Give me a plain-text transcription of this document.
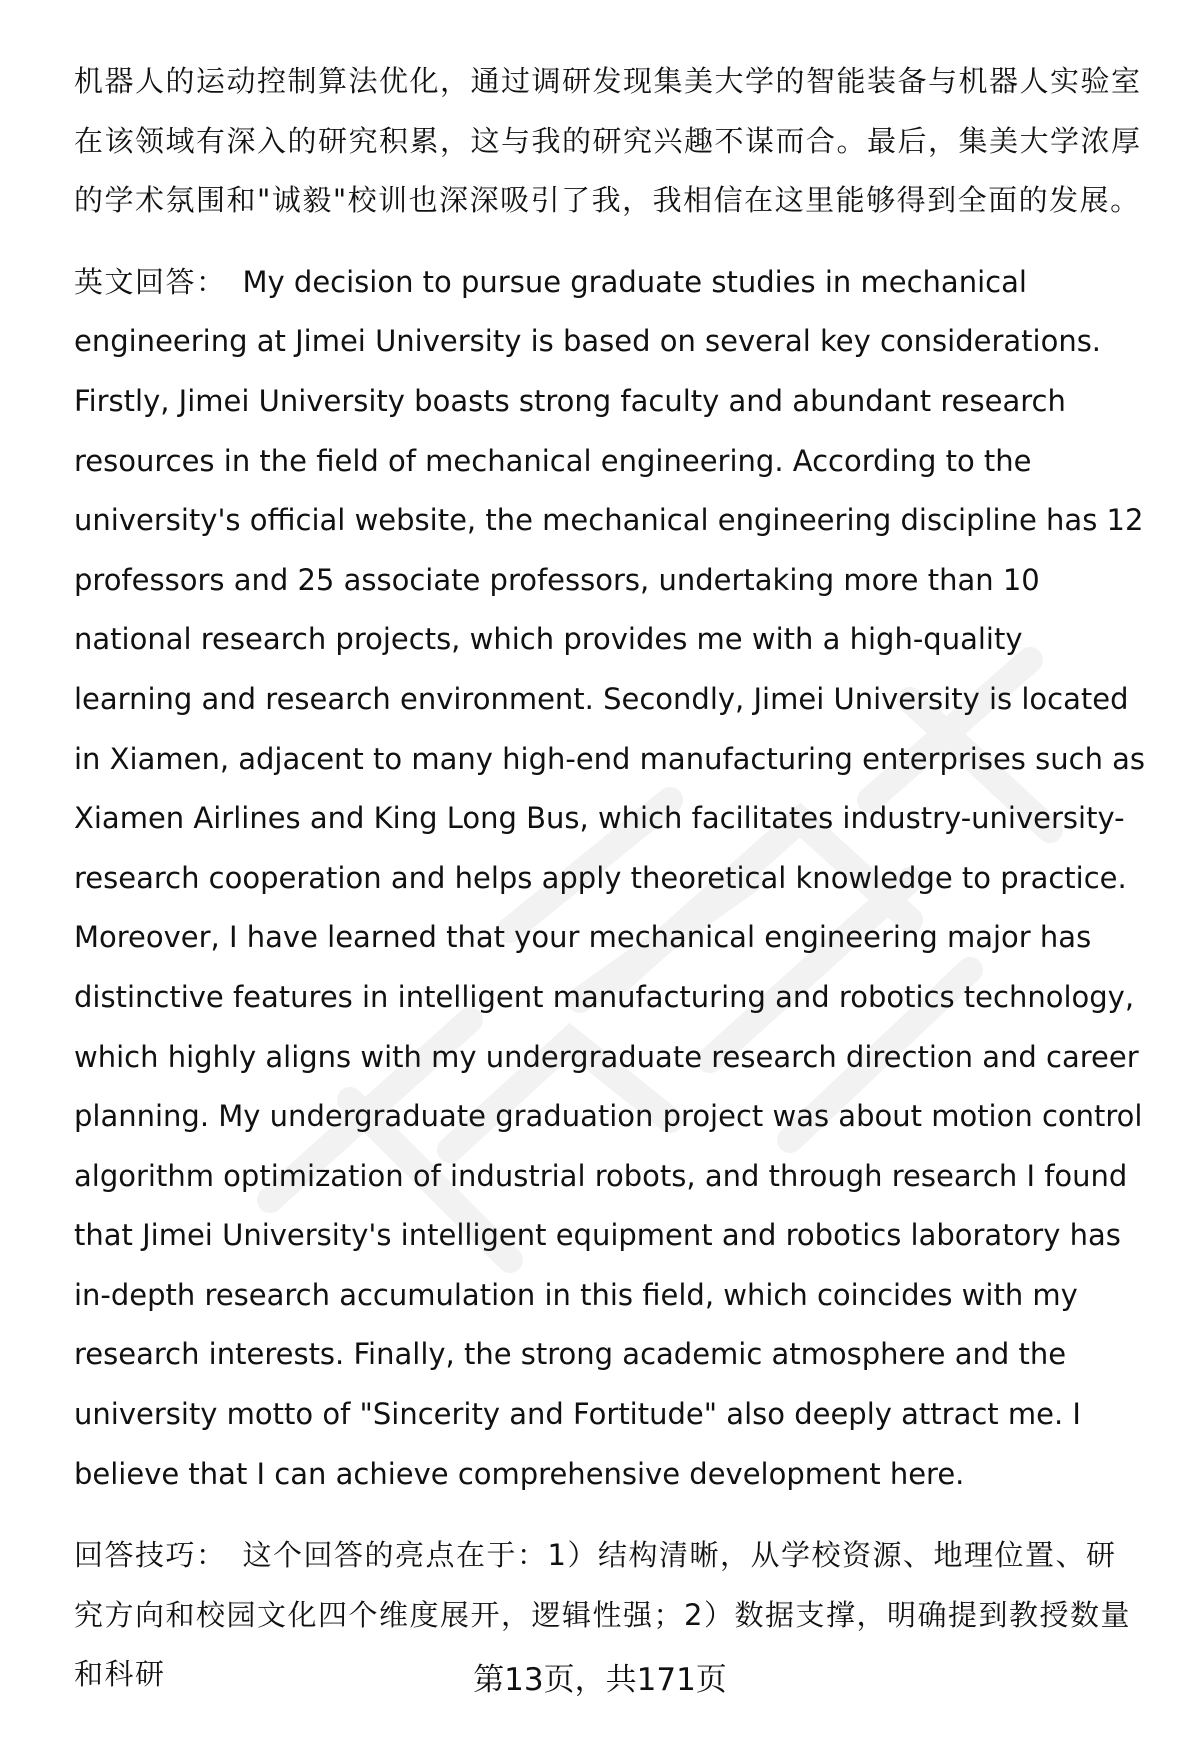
机器人的运动控制算法优化，通过调研发现集美大学的智能装备与机器人实验室在该领域有深入的研究积累，这与我的研究兴趣不谋而合。最后，集美大学浓厚的学术氛围和"诚毅"校训也深深吸引了我，我相信在这里能够得到全面的发展。

英文回答： My decision to pursue graduate studies in mechanical engineering at Jimei University is based on several key considerations. Firstly, Jimei University boasts strong faculty and abundant research resources in the field of mechanical engineering. According to the university's official website, the mechanical engineering discipline has 12 professors and 25 associate professors, undertaking more than 10 national research projects, which provides me with a high-quality learning and research environment. Secondly, Jimei University is located in Xiamen, adjacent to many high-end manufacturing enterprises such as Xiamen Airlines and King Long Bus, which facilitates industry-university-research cooperation and helps apply theoretical knowledge to practice. Moreover, I have learned that your mechanical engineering major has distinctive features in intelligent manufacturing and robotics technology, which highly aligns with my undergraduate research direction and career planning. My undergraduate graduation project was about motion control algorithm optimization of industrial robots, and through research I found that Jimei University's intelligent equipment and robotics laboratory has in-depth research accumulation in this field, which coincides with my research interests. Finally, the strong academic atmosphere and the university motto of "Sincerity and Fortitude" also deeply attract me. I believe that I can achieve comprehensive development here.

回答技巧： 这个回答的亮点在于：1）结构清晰，从学校资源、地理位置、研究方向和校园文化四个维度展开，逻辑性强；2）数据支撑，明确提到教授数量和科研	第13页，共171页
